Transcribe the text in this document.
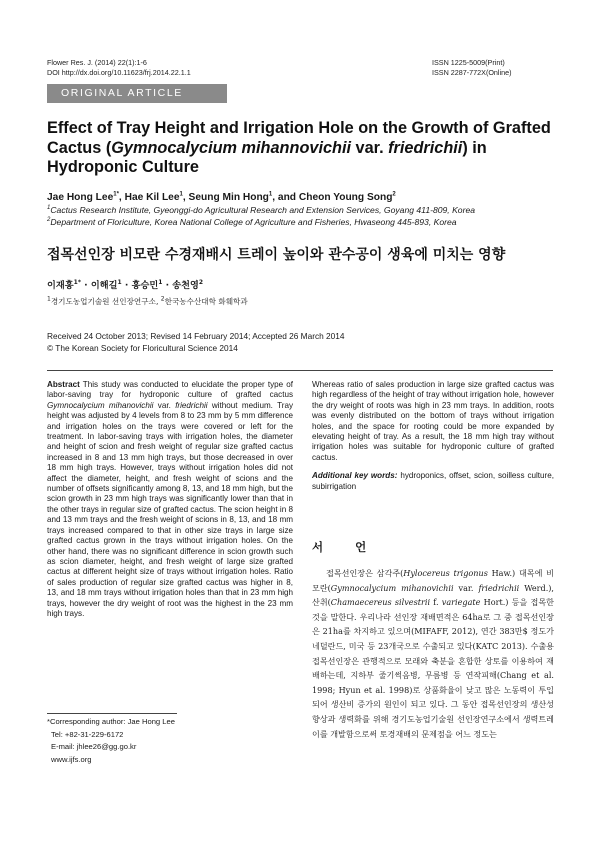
Flower Res. J. (2014) 22(1):1-6
DOI http://dx.doi.org/10.11623/frj.2014.22.1.1
ISSN 1225-5009(Print)
ISSN 2287-772X(Online)
ORIGINAL ARTICLE
Effect of Tray Height and Irrigation Hole on the Growth of Grafted Cactus (Gymnocalycium mihannovichii var. friedrichii) in Hydroponic Culture
Jae Hong Lee$^{1*}$, Hae Kil Lee$^1$, Seung Min Hong$^1$, and Cheon Young Song$^2$
$^1$Cactus Research Institute, Gyeonggi-do Agricultural Research and Extension Services, Goyang 411-809, Korea
$^2$Department of Floriculture, Korea National College of Agriculture and Fisheries, Hwaseong 445-893, Korea
접목선인장 비모란 수경재배시 트레이 높이와 관수공이 생육에 미치는 영향
이재홍$^{1*}$ · 이해길$^1$ · 홍승민$^1$ · 송천영$^2$
$^1$경기도농업기술원 선인장연구소, $^2$한국농수산대학 화훼학과
Received 24 October 2013; Revised 14 February 2014; Accepted 26 March 2014
© The Korean Society for Floricultural Science 2014
Abstract This study was conducted to elucidate the proper type of labor-saving tray for hydroponic culture of grafted cactus Gymnocalycium mihanovichii var. friedrichii without medium. Tray height was adjusted by 4 levels from 8 to 23 mm by 5 mm difference and irrigation holes on the trays were covered or left for the treatment. In labor-saving trays with irrigation holes, the diameter and height of scion and fresh weight of regular size grafted cactus increased in 8 and 13 mm high trays, but those decreased in over 18 mm high trays. However, trays without irrigation holes did not affect the diameter, height, and fresh weight of scions and the number of offsets significantly among 8, 13, and 18 mm high, but the scion growth in 23 mm high trays was significantly lower than that in the other trays in regular size of grafted cactus. The scion height in 8 and 13 mm trays and the fresh weight of scions in 8, 13, and 18 mm trays increased compared to that in other size trays in large size grafted cactus grown in the trays without irrigation holes. On the other hand, there was no significant difference in scion growth such as scion diameter, height, and fresh weight of large size grafted cactus at different height size of trays without irrigation holes. Ratio of sales production of regular size grafted cactus was higher in 8, 13, and 18 mm trays without irrigation holes than that in 23 mm high trays, however the dry weight of root was the highest in the 23 mm high trays.
Whereas ratio of sales production in large size grafted cactus was high regardless of the height of tray without irrigation hole, however the dry weight of roots was high in 23 mm trays. In addition, roots was evenly distributed on the bottom of trays without irrigation holes, and the space for rooting could be more expanded by elevating height of tray. As a result, the 18 mm high tray without irrigation holes was suitable for hydroponic culture of grafted cactus.
Additional key words: hydroponics, offset, scion, soilless culture, subirrigation
서 언
접목선인장은 삼각주(Hylocereus trigonus Haw.) 대목에 비모란(Gymnocalycium mihanovichii var. friedrichii Werd.), 산취(Chamaecereus silvestrii f. variegate Hort.) 등을 접목한 것을 말한다. 우리나라 선인장 재배면적은 64ha로 그 중 접목선인장은 21ha를 차지하고 있으며(MIFAFF, 2012), 연간 383만$ 정도가 네덜란드, 미국 등 23개국으로 수출되고 있다(KATC 2013). 수출용 접목선인장은 관행적으로 모래와 축분을 혼합한 상토를 이용하여 재배하는데, 지하부 줄기썩음병, 무름병 등 연작피해(Chang et al. 1998; Hyun et al. 1998)로 상품화율이 낮고 많은 노동력이 투입되어 생산비 증가의 원인이 되고 있다. 그 동안 접목선인장의 생산성 향상과 생력화를 위해 경기도농업기술원 선인장연구소에서 생력트레이를 개발함으로써 토경재배의 문제점을 어느 정도는
*Corresponding author: Jae Hong Lee
Tel: +82-31-229-6172
E-mail: jhlee26@gg.go.kr
www.ijfs.org
